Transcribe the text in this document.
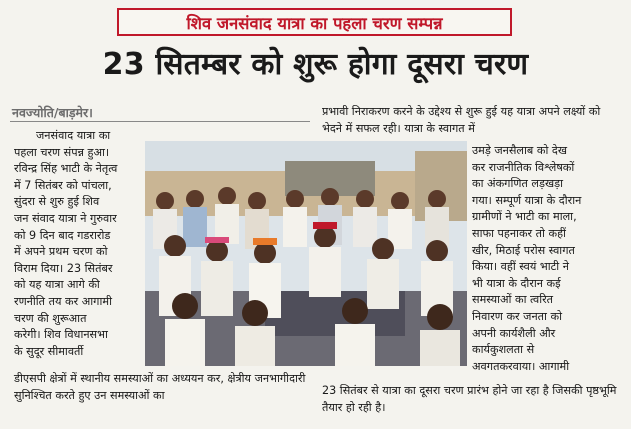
शिव जनसंवाद यात्रा का पहला चरण सम्पन्न
23 सितम्बर को शुरू होगा दूसरा चरण
नवज्योति/बाड़मेर।	प्रभावी निराकरण करने के उद्देश्य से शुरू हुई यह यात्रा अपने लक्ष्यों को भेदने में सफल रही। यात्रा के स्वागत में
जनसंवाद यात्रा का
पहला चरण संपन्न हुआ।
रविन्द्र सिंह भाटी के नेतृत्व
में 7 सितंबर को पांचला,
सुंदरा से शुरु हुई शिव
जन संवाद यात्रा ने गुरुवार
को 9 दिन बाद गडरारोड
में अपने प्रथम चरण को
विराम दिया। 23 सितंबर
को यह यात्रा आगे की
रणनीति तय कर आगामी
चरण की शुरूआत
करेगी। शिव विधानसभा
के सुदूर सीमावर्ती
उमड़े जनसैलाब को देख
कर राजनीतिक विश्लेषकों
का अंकगणित लड़खड़ा
गया। सम्पूर्ण यात्रा के दौरान
ग्रामीणों ने भाटी का माला,
साफा पहनाकर तो कहीं
खीर, मिठाई परोस स्वागत
किया। वहीं स्वयं भाटी ने
भी यात्रा के दौरान कई
समस्याओं का त्वरित
निवारण कर जनता को
अपनी कार्यशैली और
कार्यकुशलता से
अवगतकरवाया। आगामी
डीएसपी क्षेत्रों में स्थानीय समस्याओं का अध्ययन कर, क्षेत्रीय जनभागीदारी सुनिश्चित करते हुए उन समस्याओं का	23 सितंबर से यात्रा का दूसरा चरण प्रारंभ होने जा रहा है जिसकी पृष्ठभूमि तैयार हो रही है।
